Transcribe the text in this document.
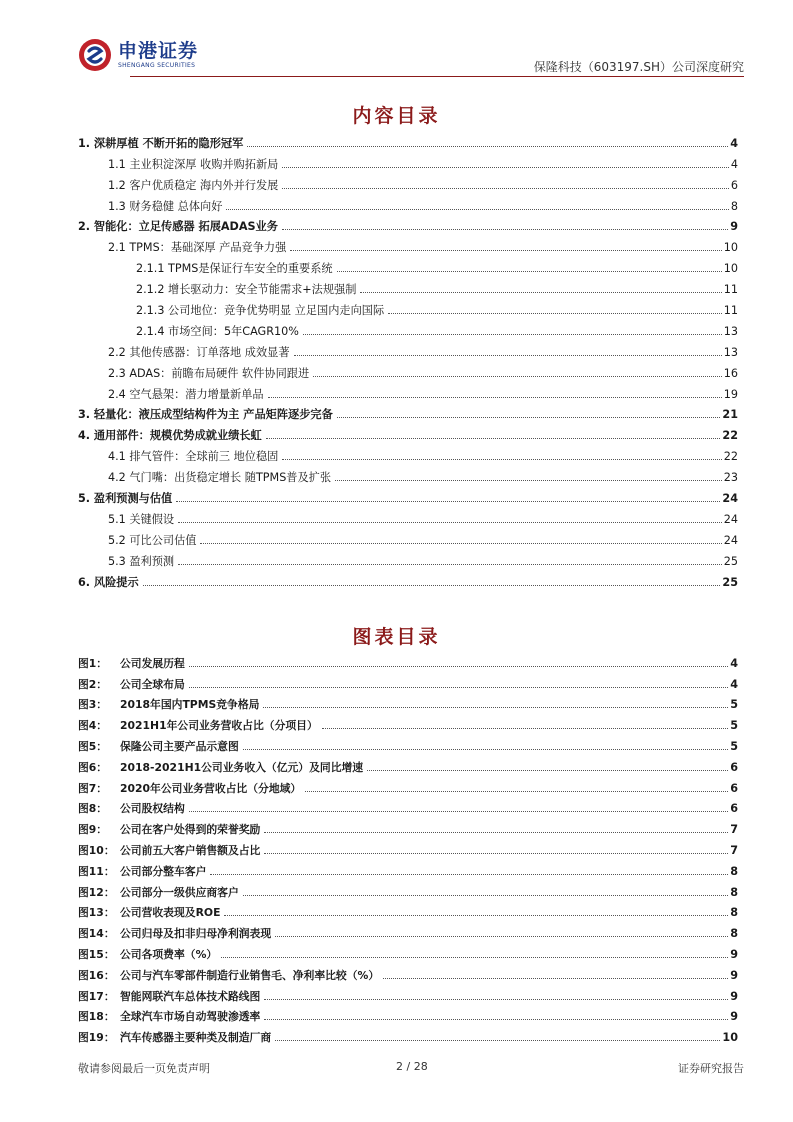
申港证券
SHENGANG SECURITIES	保隆科技（603197.SH）公司深度研究
内容目录
1. 深耕厚植 不断开拓的隐形冠军	4
1.1 主业积淀深厚 收购并购拓新局	4
1.2 客户优质稳定 海内外并行发展	6
1.3 财务稳健 总体向好	8
2. 智能化：立足传感器 拓展ADAS业务	9
2.1 TPMS：基础深厚 产品竞争力强	10
2.1.1 TPMS是保证行车安全的重要系统	10
2.1.2 增长驱动力：安全节能需求+法规强制	11
2.1.3 公司地位：竞争优势明显 立足国内走向国际	11
2.1.4 市场空间：5年CAGR10%	13
2.2 其他传感器：订单落地 成效显著	13
2.3 ADAS：前瞻布局硬件 软件协同跟进	16
2.4 空气悬架：潜力增量新单品	19
3. 轻量化：液压成型结构件为主 产品矩阵逐步完备	21
4. 通用部件：规模优势成就业绩长虹	22
4.1 排气管件：全球前三 地位稳固	22
4.2 气门嘴：出货稳定增长 随TPMS普及扩张	23
5. 盈利预测与估值	24
5.1 关键假设	24
5.2 可比公司估值	24
5.3 盈利预测	25
6. 风险提示	25
图表目录
图1： 公司发展历程	4
图2： 公司全球布局	4
图3： 2018年国内TPMS竞争格局	5
图4： 2021H1年公司业务营收占比（分项目）	5
图5： 保隆公司主要产品示意图	5
图6： 2018-2021H1公司业务收入（亿元）及同比增速	6
图7： 2020年公司业务营收占比（分地域）	6
图8： 公司股权结构	6
图9： 公司在客户处得到的荣誉奖励	7
图10： 公司前五大客户销售额及占比	7
图11： 公司部分整车客户	8
图12： 公司部分一级供应商客户	8
图13： 公司营收表现及ROE	8
图14： 公司归母及扣非归母净利润表现	8
图15： 公司各项费率（%）	9
图16： 公司与汽车零部件制造行业销售毛、净利率比较（%）	9
图17： 智能网联汽车总体技术路线图	9
图18： 全球汽车市场自动驾驶渗透率	9
图19： 汽车传感器主要种类及制造厂商	10
敬请参阅最后一页免责声明	2 / 28	证券研究报告
